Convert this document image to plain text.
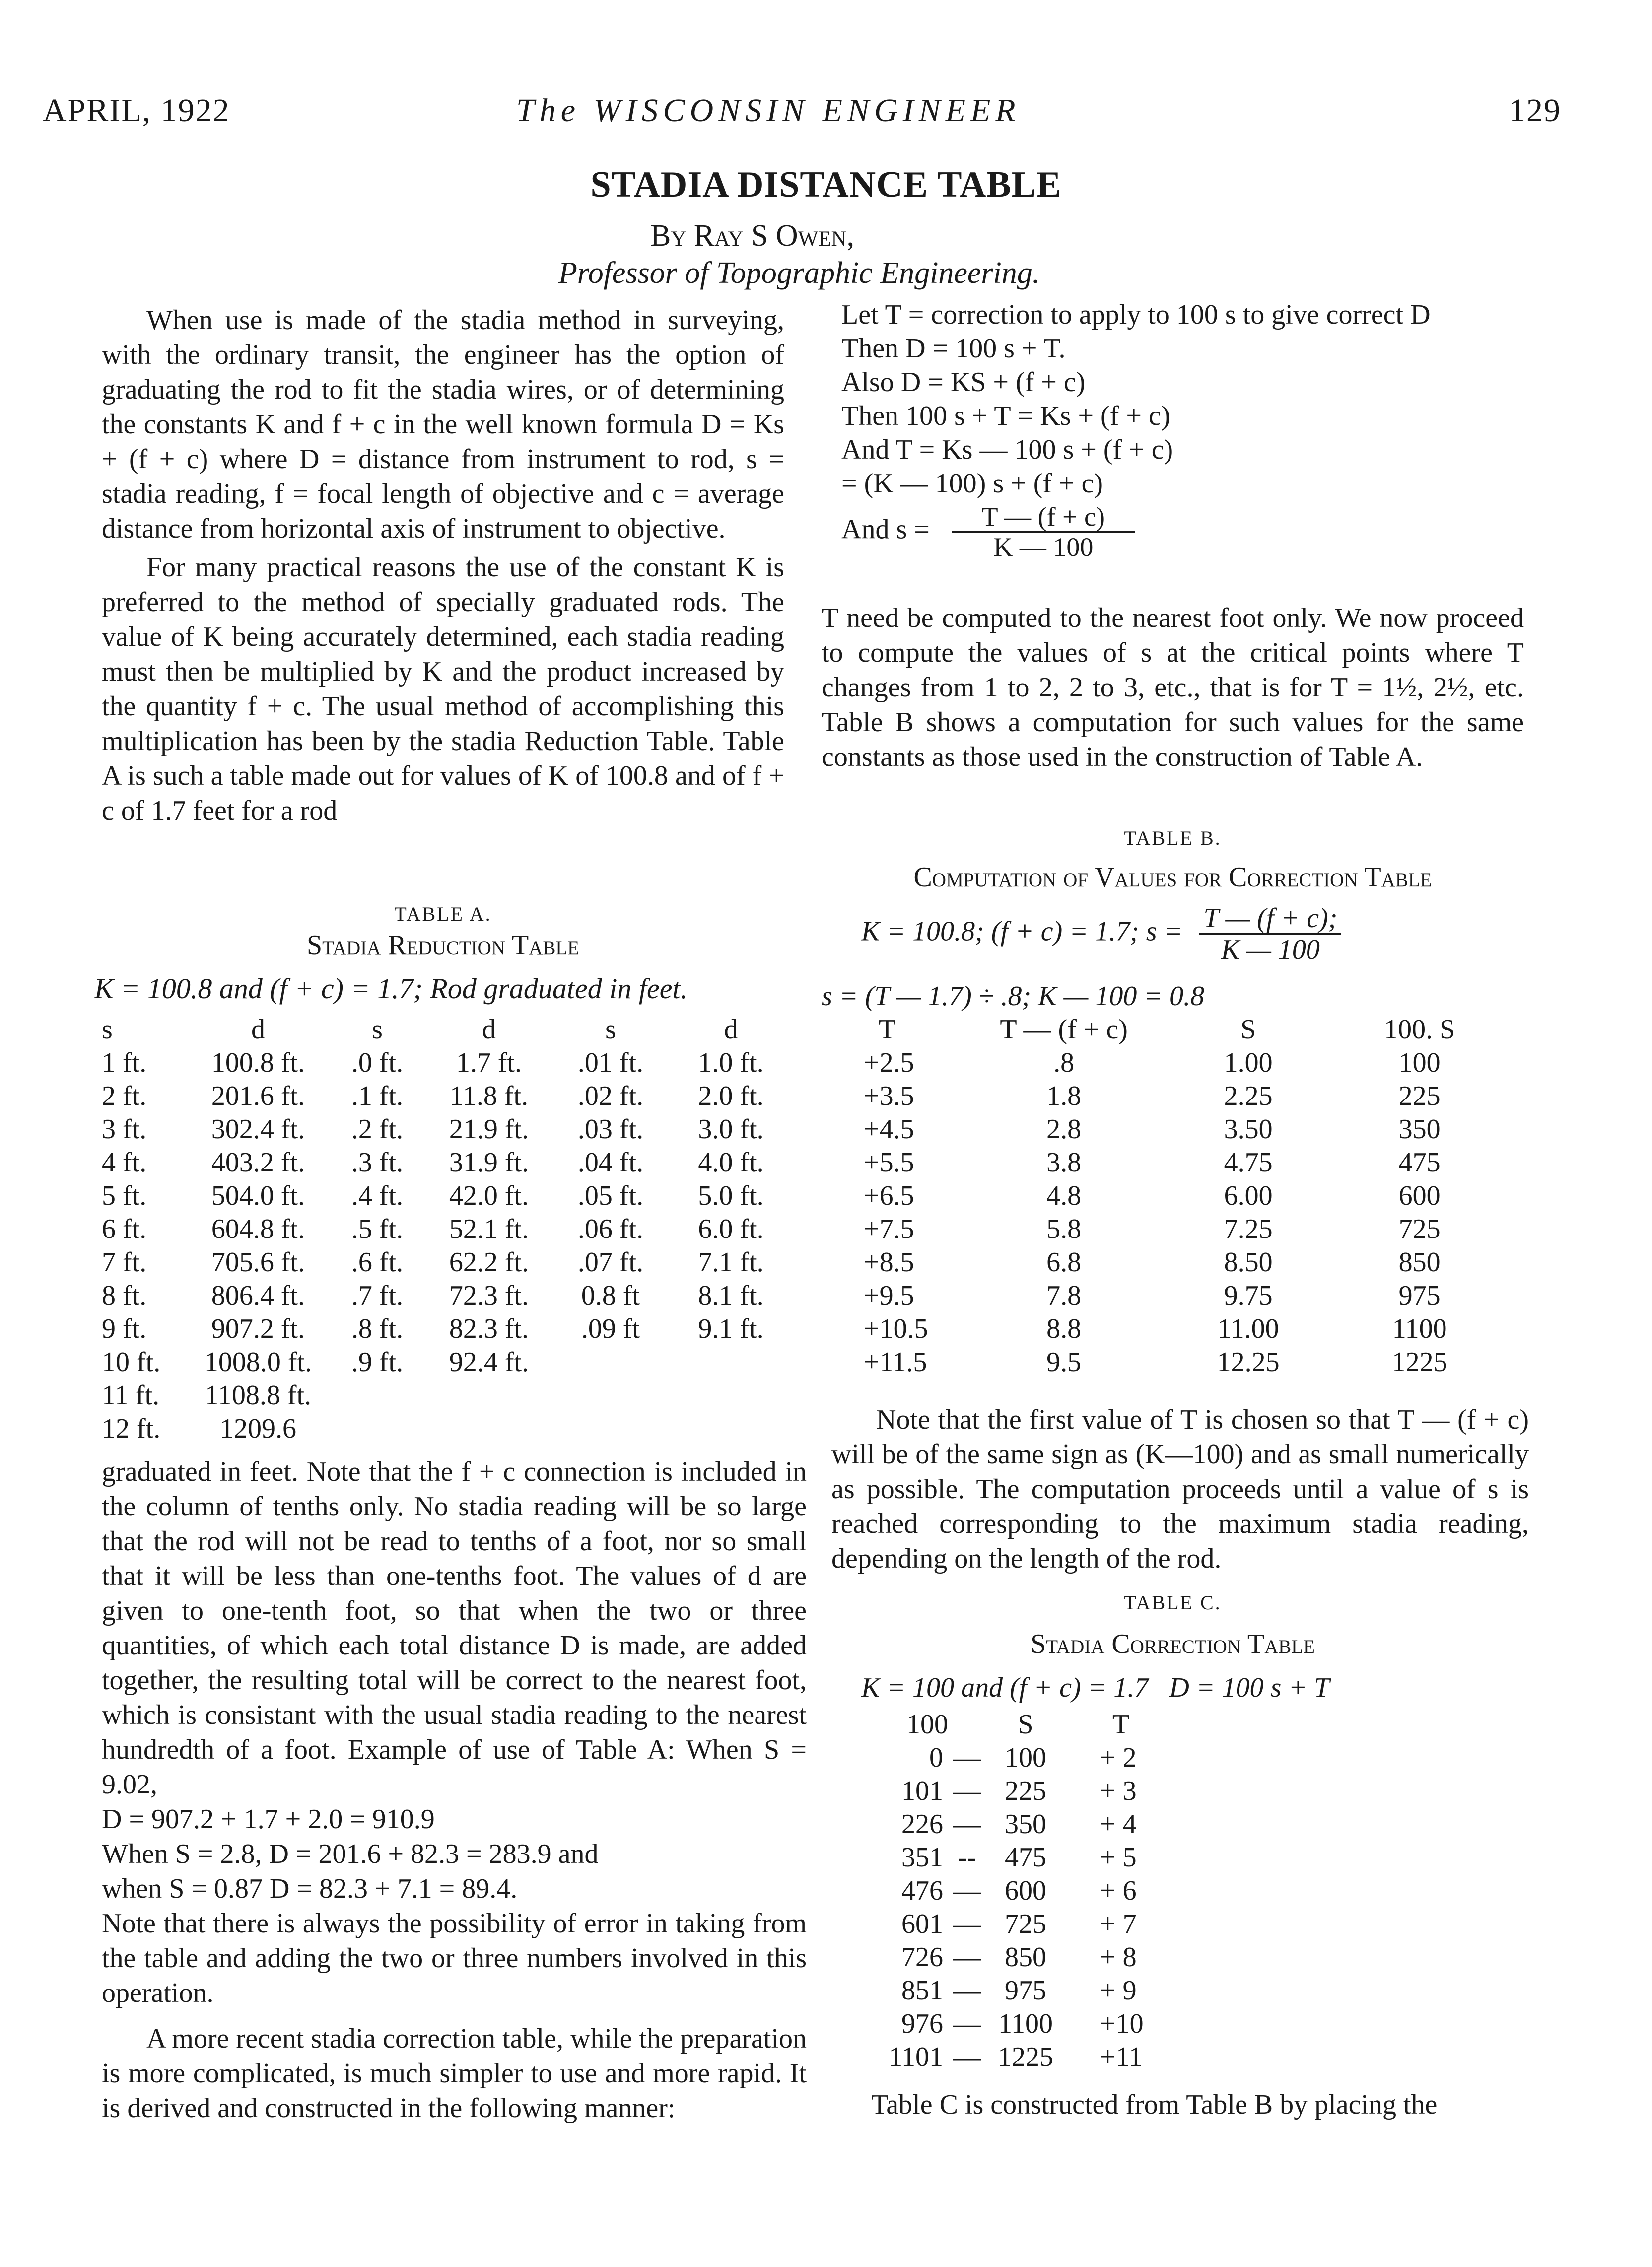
APRIL, 1922	The WISCONSIN ENGINEER	129
STADIA DISTANCE TABLE
By Ray S Owen,
Professor of Topographic Engineering.

When use is made of the stadia method in surveying, with the ordinary transit, the engineer has the option of graduating the rod to fit the stadia wires, or of determining the constants K and f + c in the well known formula D = Ks + (f + c) where D = distance from instrument to rod, s = stadia reading, f = focal length of objective and c = average distance from horizontal axis of instrument to objective.

For many practical reasons the use of the constant K is preferred to the method of specially graduated rods. The value of K being accurately determined, each stadia reading must then be multiplied by K and the product increased by the quantity f + c. The usual method of accomplishing this multiplication has been by the stadia Reduction Table. Table A is such a table made out for values of K of 100.8 and of f + c of 1.7 feet for a rod

TABLE A.
Stadia Reduction Table
K = 100.8 and (f + c) = 1.7; Rod graduated in feet.
s	d	s	d	s	d
1 ft.	100.8 ft.	.0 ft.	1.7 ft.	.01 ft.	1.0 ft.
2 ft.	201.6 ft.	.1 ft.	11.8 ft.	.02 ft.	2.0 ft.
3 ft.	302.4 ft.	.2 ft.	21.9 ft.	.03 ft.	3.0 ft.
4 ft.	403.2 ft.	.3 ft.	31.9 ft.	.04 ft.	4.0 ft.
5 ft.	504.0 ft.	.4 ft.	42.0 ft.	.05 ft.	5.0 ft.
6 ft.	604.8 ft.	.5 ft.	52.1 ft.	.06 ft.	6.0 ft.
7 ft.	705.6 ft.	.6 ft.	62.2 ft.	.07 ft.	7.1 ft.
8 ft.	806.4 ft.	.7 ft.	72.3 ft.	0.8 ft	8.1 ft.
9 ft.	907.2 ft.	.8 ft.	82.3 ft.	.09 ft	9.1 ft.
10 ft.	1008.0 ft.	.9 ft.	92.4 ft.		
11 ft.	1108.8 ft.				
12 ft.	1209.6				

graduated in feet. Note that the f + c connection is included in the column of tenths only. No stadia reading will be so large that the rod will not be read to tenths of a foot, nor so small that it will be less than one-tenths foot. The values of d are given to one-tenth foot, so that when the two or three quantities, of which each total distance D is made, are added together, the resulting total will be correct to the nearest foot, which is consistant with the usual stadia reading to the nearest hundredth of a foot. Example of use of Table A: When S = 9.02,

D = 907.2 + 1.7 + 2.0 = 910.9
When S = 2.8, D = 201.6 + 82.3 = 283.9 and
when S = 0.87 D = 82.3 + 7.1 = 89.4.

Note that there is always the possibility of error in taking from the table and adding the two or three numbers involved in this operation.

A more recent stadia correction table, while the preparation is more complicated, is much simpler to use and more rapid. It is derived and constructed in the following manner:

Let T = correction to apply to 100 s to give correct D
Then D = 100 s + T.
Also D = KS + (f + c)
Then 100 s + T = Ks + (f + c)
And T = Ks — 100 s + (f + c)
= (K — 100) s + (f + c)
And $s = \frac{T — (f + c)}{K — 100}$
T need be computed to the nearest foot only. We now proceed to compute the values of s at the critical points where T changes from 1 to 2, 2 to 3, etc., that is for T = 1½, 2½, etc. Table B shows a computation for such values for the same constants as those used in the construction of Table A.
TABLE B.
Computation of Values for Correction Table
K = 100.8; (f + c) = 1.7; $s = \frac{T — (f + c);}{K — 100}$
s = (T — 1.7) ÷ .8; K — 100 = 0.8
T	T — (f + c)	S	100. S
+2.5	.8	1.00	100
+3.5	1.8	2.25	225
+4.5	2.8	3.50	350
+5.5	3.8	4.75	475
+6.5	4.8	6.00	600
+7.5	5.8	7.25	725
+8.5	6.8	8.50	850
+9.5	7.8	9.75	975
+10.5	8.8	11.00	1100
+11.5	9.5	12.25	1225

Note that the first value of T is chosen so that T — (f + c) will be of the same sign as (K—100) and as small numerically as possible. The computation proceeds until a value of s is reached corresponding to the maximum stadia reading, depending on the length of the rod.

TABLE C.
Stadia Correction Table
K = 100 and (f + c) = 1.7   D = 100 s + T
100		S	T
0	—	100	+ 2
101	—	225	+ 3
226	—	350	+ 4
351	--	475	+ 5
476	—	600	+ 6
601	—	725	+ 7
726	—	850	+ 8
851	—	975	+ 9
976	—	1100	+10
1101	—	1225	+11
Table C is constructed from Table B by placing the
